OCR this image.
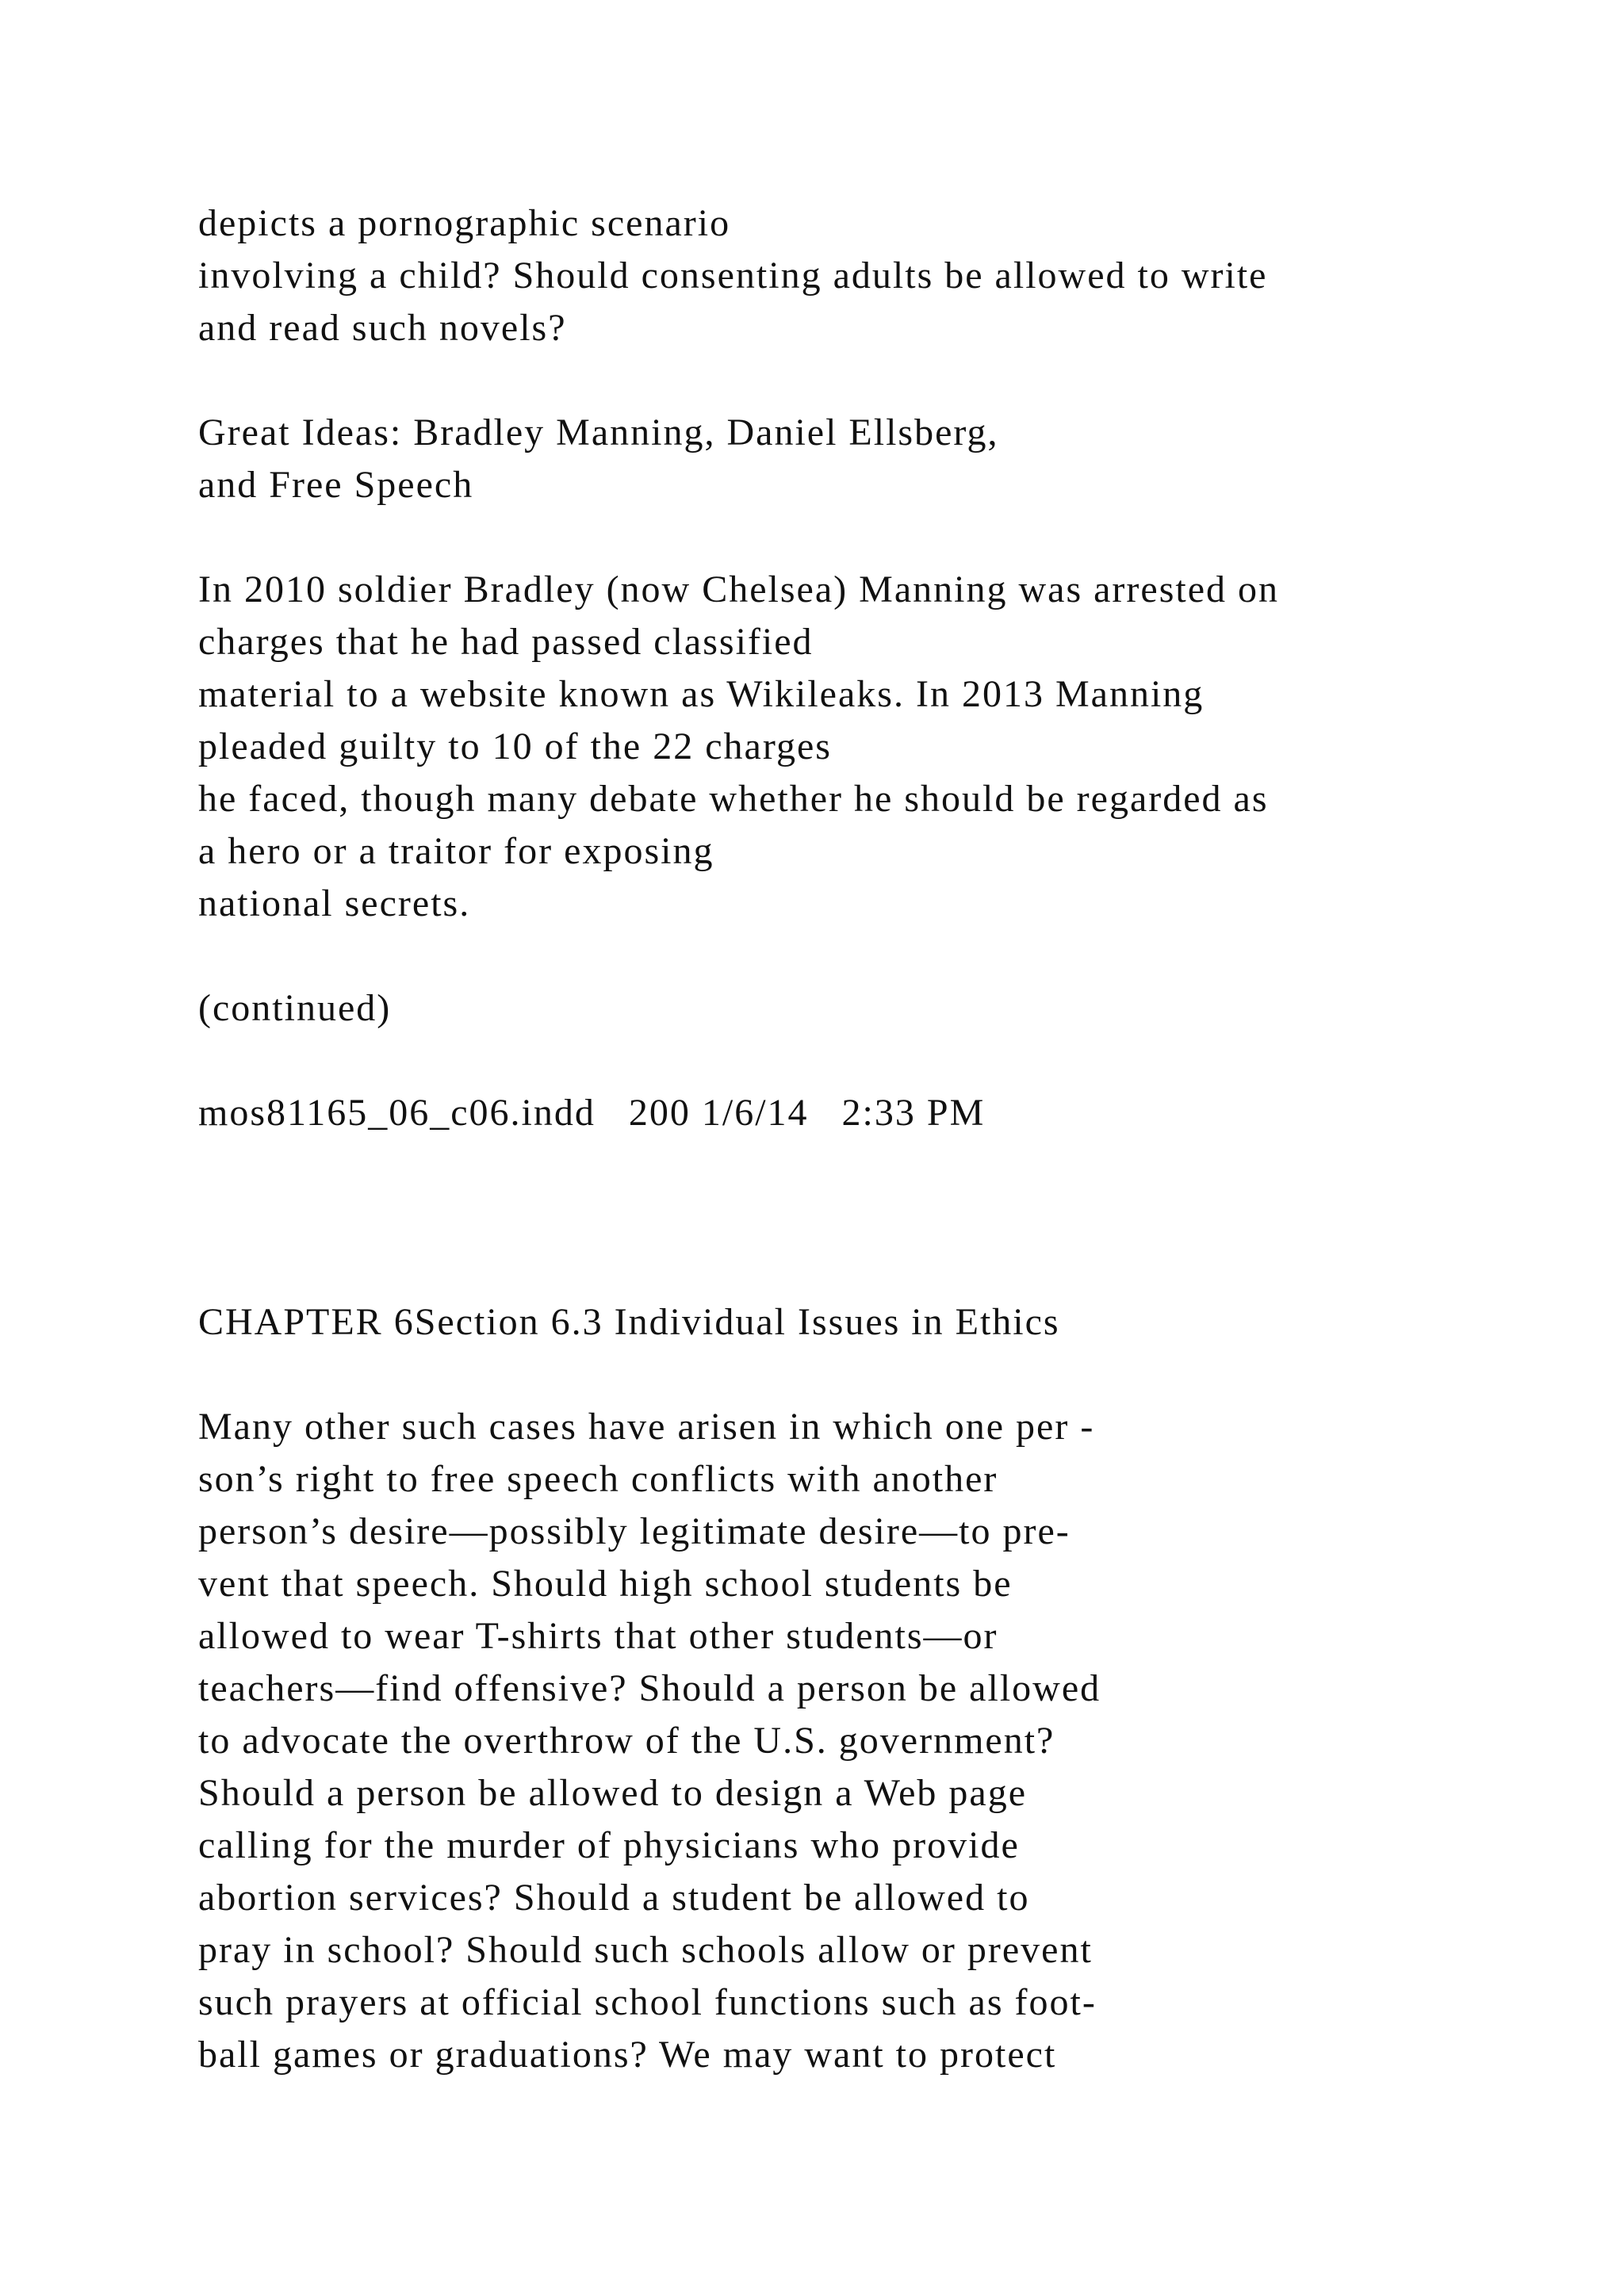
depicts a pornographic scenario
involving a child? Should consenting adults be allowed to write
and read such novels?
Great Ideas: Bradley Manning, Daniel Ellsberg,
and Free Speech
In 2010 soldier Bradley (now Chelsea) Manning was arrested on
charges that he had passed classified
material to a website known as Wikileaks. In 2013 Manning
pleaded guilty to 10 of the 22 charges
he faced, though many debate whether he should be regarded as
a hero or a traitor for exposing
national secrets.
(continued)
mos81165_06_c06.indd   200 1/6/14   2:33 PM
CHAPTER 6Section 6.3 Individual Issues in Ethics
Many other such cases have arisen in which one per -
son’s right to free speech conflicts with another
person’s desire—possibly legitimate desire—to pre-
vent that speech. Should high school students be
allowed to wear T-shirts that other students—or
teachers—find offensive? Should a person be allowed
to advocate the overthrow of the U.S. government?
Should a person be allowed to design a Web page
calling for the murder of physicians who provide
abortion services? Should a student be allowed to
pray in school? Should such schools allow or prevent
such prayers at official school functions such as foot-
ball games or graduations? We may want to protect
